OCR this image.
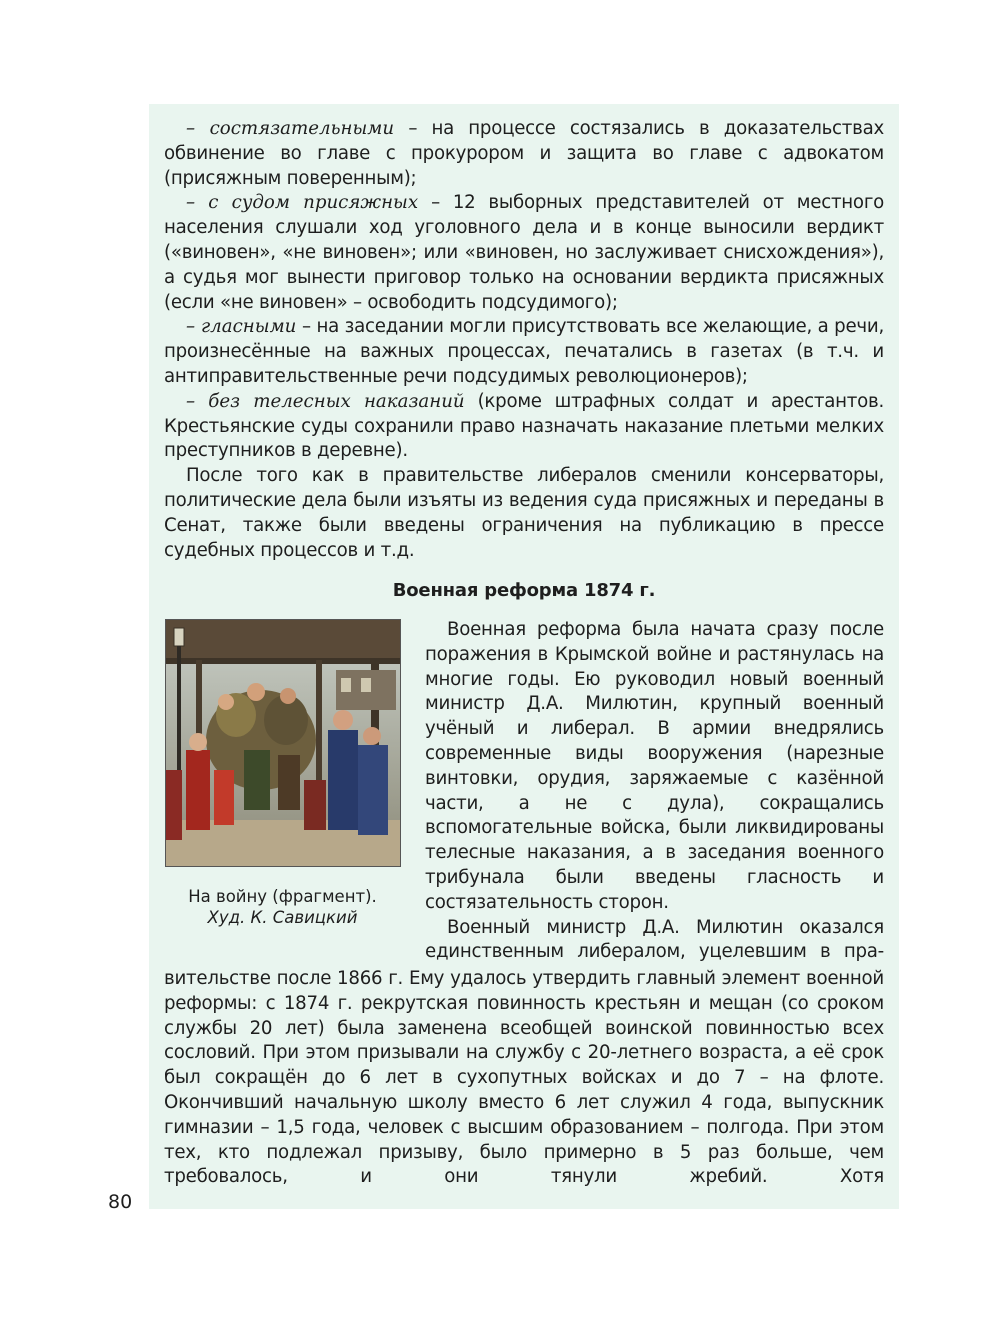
– состязательными – на процессе состязались в доказательствах обвинение во главе с прокурором и защита во главе с адвокатом (присяжным поверенным);

– с судом присяжных – 12 выборных представителей от местного населения слушали ход уголовного дела и в конце выносили вердикт («виновен», «не виновен»; или «виновен, но заслуживает снисхождения»), а судья мог вынести приговор только на основании вердикта присяжных (если «не виновен» – освободить подсудимого);

– гласными – на заседании могли присутствовать все желающие, а речи, произнесённые на важных процессах, печатались в газетах (в т.ч. и антиправительственные речи подсудимых революционеров);

– без телесных наказаний (кроме штрафных солдат и арестантов. Крестьянские суды сохранили право назначать наказание плетьми мелких преступников в деревне).

После того как в правительстве либералов сменили консерваторы, политические дела были изъяты из ведения суда присяжных и переданы в Сенат, также были введены ограничения на публикацию в прессе судебных процессов и т.д.

Военная реформа 1874 г.
На войну (фрагмент).
Худ. К. Савицкий

Военная реформа была начата сразу после поражения в Крымской войне и растянулась на многие годы. Ею руководил новый военный министр Д.А. Милютин, крупный военный учёный и либерал. В армии внедрялись современные виды вооружения (нарезные винтовки, орудия, заряжаемые с казённой части, а не с дула), сокращались вспомогательные войска, были ликвидированы телесные наказания, а в заседания военного трибунала были введены гласность и состязательность сторон.

Военный министр Д.А. Милютин оказался единственным либералом, уцелевшим в пра-

вительстве после 1866 г. Ему удалось утвердить главный элемент военной реформы: с 1874 г. рекрутская повинность крестьян и мещан (со сроком службы 20 лет) была заменена всеобщей воинской повинностью всех сословий. При этом призывали на службу с 20-летнего возраста, а её срок был сокращён до 6 лет в сухопутных войсках и до 7 – на флоте. Окончивший начальную школу вместо 6 лет служил 4 года, выпускник гимназии – 1,5 года, человек с высшим образованием – полгода. При этом тех, кто подлежал призыву, было примерно в 5 раз больше, чем требовалось, и они тянули жребий. Хотя

80
